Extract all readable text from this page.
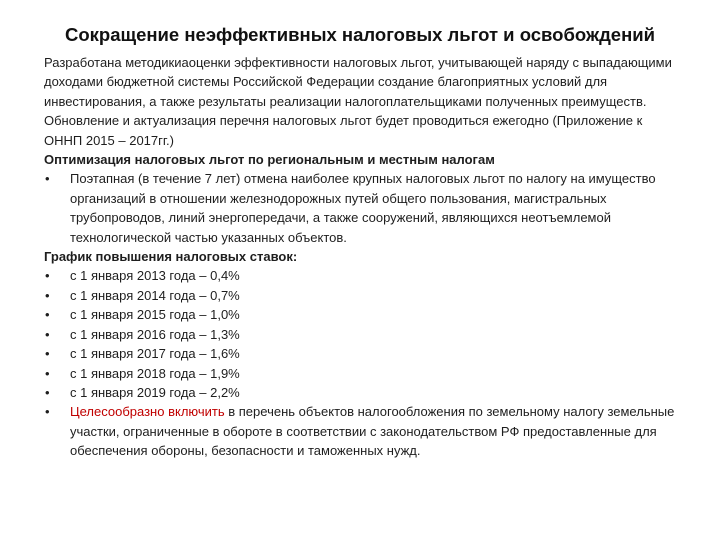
Сокращение неэффективных налоговых льгот и освобождений

Разработана методикиаоценки эффективности налоговых льгот, учитывающей наряду с выпадающими доходами бюджетной системы Российской Федерации создание благоприятных условий для инвестирования, а также результаты реализации налогоплательщиками полученных преимуществ. Обновление и актуализация перечня налоговых льгот будет проводиться ежегодно (Приложение к ОННП 2015 – 2017гг.)

Оптимизация налоговых льгот по региональным и местным налогам

• Поэтапная (в течение 7 лет) отмена наиболее крупных налоговых льгот по налогу на имущество организаций в отношении железнодорожных путей общего пользования, магистральных трубопроводов, линий энергопередачи, а также сооружений, являющихся неотъемлемой технологической частью указанных объектов.

График повышения налоговых ставок:

• с 1 января 2013 года – 0,4%
• с 1 января 2014 года – 0,7%
• с 1 января 2015 года – 1,0%
• с 1 января 2016 года – 1,3%
• с 1 января 2017 года – 1,6%
• с 1 января 2018 года – 1,9%
• с 1 января 2019 года – 2,2%
• Целесообразно включить в перечень объектов налогообложения по земельному налогу земельные участки, ограниченные в обороте в соответствии с законодательством РФ предоставленные для обеспечения обороны, безопасности и таможенных нужд.
